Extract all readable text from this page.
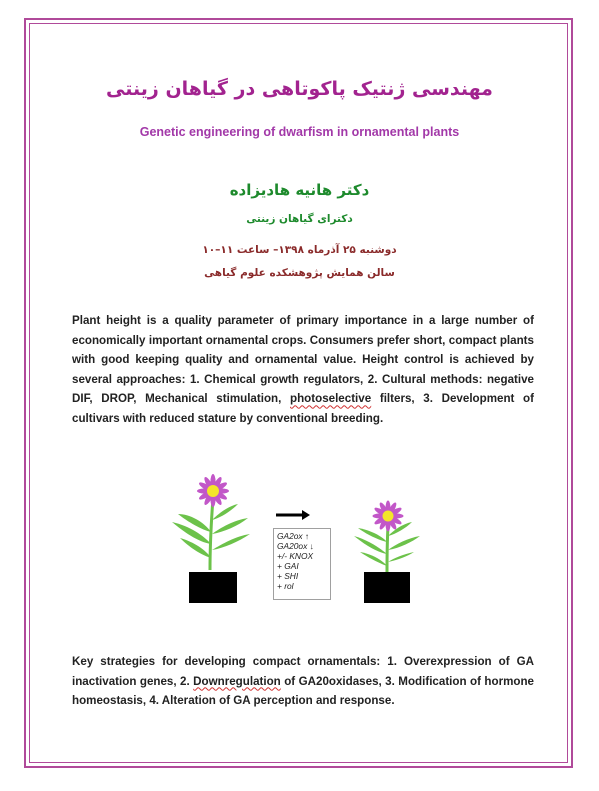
مهندسی ژنتیک پاکوتاهی در گیاهان زینتی
Genetic engineering of dwarfism in ornamental plants
دکتر هانیه هادیزاده
دکترای گیاهان زینتی
دوشنبه ۲۵ آذرماه ۱۳۹۸– ساعت ۱۱–۱۰
سالن همایش پژوهشکده علوم گیاهی
Plant height is a quality parameter of primary importance in a large number of economically important ornamental crops. Consumers prefer short, compact plants with good keeping quality and ornamental value. Height control is achieved by several approaches: 1. Chemical growth regulators, 2. Cultural methods: negative DIF, DROP, Mechanical stimulation, photoselective filters, 3. Development of cultivars with reduced stature by conventional breeding.
GA2ox ↑
GA20ox ↓
+/- KNOX
+ GAI
+ SHI
+ rol
Key strategies for developing compact ornamentals: 1. Overexpression of GA inactivation genes, 2. Downregulation of GA20oxidases, 3. Modification of hormone homeostasis, 4. Alteration of GA perception and response.
